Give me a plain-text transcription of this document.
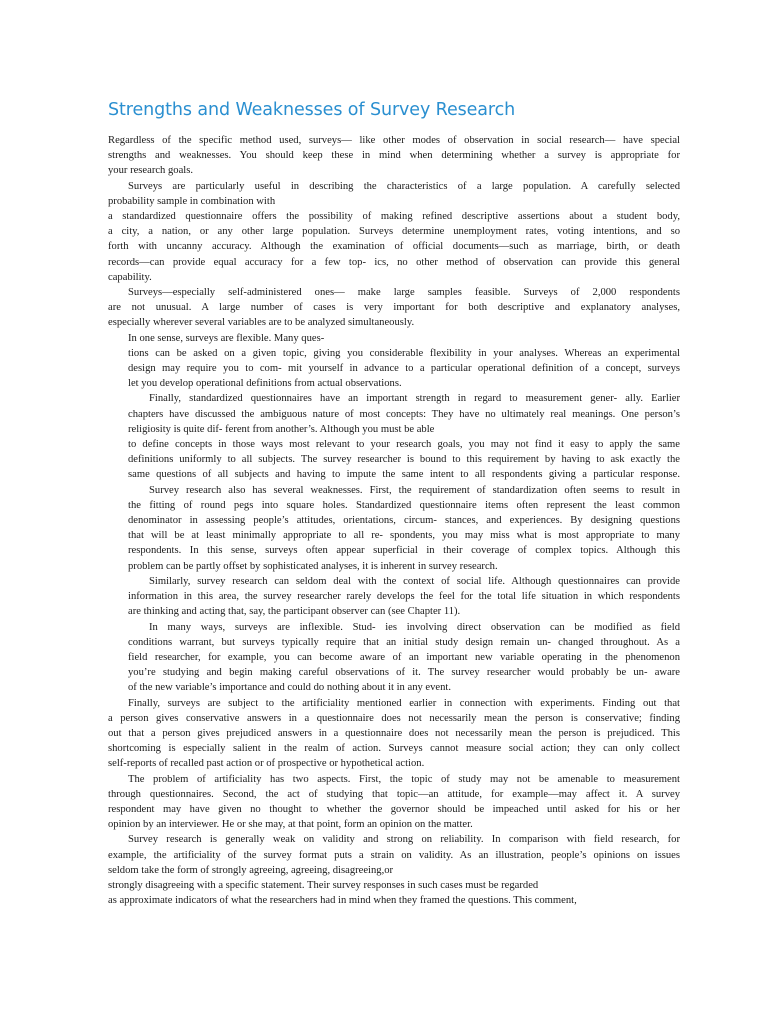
Strengths and Weaknesses of Survey Research
Regardless of the specific method used, surveys— like other modes of observation in social research— have special
strengths and weaknesses. You should keep these in mind when determining whether a survey is appropriate for
your research goals.
Surveys are particularly useful in describing the characteristics of a large population. A carefully selected
probability sample in combination with
a standardized questionnaire offers the possibility of making refined descriptive assertions about a student body,
a city, a nation, or any other large population. Surveys determine unemployment rates, voting intentions, and so
forth with uncanny accuracy. Although the examination of official documents—such as marriage, birth, or death
records—can provide equal accuracy for a few top- ics, no other method of observation can provide this general
capability.
Surveys—especially self-administered ones— make large samples feasible. Surveys of 2,000 respondents
are not unusual. A large number of cases is very important for both descriptive and explanatory analyses,
especially wherever several variables are to be analyzed simultaneously.
In one sense, surveys are flexible. Many ques-
tions can be asked on a given topic, giving you considerable flexibility in your analyses. Whereas an experimental
design may require you to com- mit yourself in advance to a particular operational definition of a concept, surveys
let you develop operational definitions from actual observations.
Finally, standardized questionnaires have an important strength in regard to measurement gener- ally. Earlier
chapters have discussed the ambiguous nature of most concepts: They have no ultimately real meanings. One person’s
religiosity is quite dif- ferent from another’s. Although you must be able
to define concepts in those ways most relevant to your research goals, you may not find it easy to apply the same
definitions uniformly to all subjects. The survey researcher is bound to this requirement by having to ask exactly the
same questions of all subjects and having to impute the same intent to all respondents giving a particular response.
Survey research also has several weaknesses. First, the requirement of standardization often seems to result in
the fitting of round pegs into square holes. Standardized questionnaire items often represent the least common
denominator in assessing people’s attitudes, orientations, circum- stances, and experiences. By designing questions
that will be at least minimally appropriate to all re- spondents, you may miss what is most appropriate to many
respondents. In this sense, surveys often appear superficial in their coverage of complex topics. Although this
problem can be partly offset by sophisticated analyses, it is inherent in survey research.
Similarly, survey research can seldom deal with the context of social life. Although questionnaires can provide
information in this area, the survey researcher rarely develops the feel for the total life situation in which respondents
are thinking and acting that, say, the participant observer can (see Chapter 11).
In many ways, surveys are inflexible. Stud- ies involving direct observation can be modified as field
conditions warrant, but surveys typically require that an initial study design remain un- changed throughout. As a
field researcher, for example, you can become aware of an important new variable operating in the phenomenon
you’re studying and begin making careful observations of it. The survey researcher would probably be un- aware
of the new variable’s importance and could do nothing about it in any event.
Finally, surveys are subject to the artificiality mentioned earlier in connection with experiments. Finding out that
a person gives conservative answers in a questionnaire does not necessarily mean the person is conservative; finding
out that a person gives prejudiced answers in a questionnaire does not necessarily mean the person is prejudiced. This
shortcoming is especially salient in the realm of action. Surveys cannot measure social action; they can only collect
self-reports of recalled past action or of prospective or hypothetical action.
The problem of artificiality has two aspects. First, the topic of study may not be amenable to measurement
through questionnaires. Second, the act of studying that topic—an attitude, for example—may affect it. A survey
respondent may have given no thought to whether the governor should be impeached until asked for his or her
opinion by an interviewer. He or she may, at that point, form an opinion on the matter.
Survey research is generally weak on validity and strong on reliability. In comparison with field research, for
example, the artificiality of the survey format puts a strain on validity. As an illustration, people’s opinions on issues
seldom take the form of strongly agreeing, agreeing, disagreeing,or
strongly disagreeing with a specific statement. Their survey responses in such cases must be regarded
as approximate indicators of what the researchers had in mind when they framed the questions. This comment,
